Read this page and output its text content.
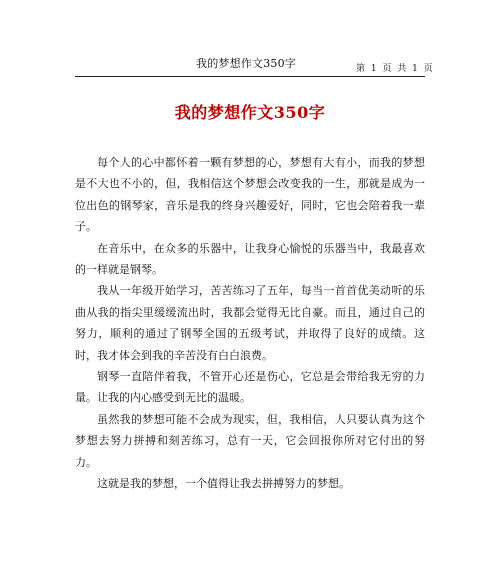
我的梦想作文350字	第 1 页 共 1 页
我的梦想作文350字

每个人的心中都怀着一颗有梦想的心，梦想有大有小，而我的梦想是不大也不小的，但，我相信这个梦想会改变我的一生，那就是成为一位出色的钢琴家，音乐是我的终身兴趣爱好，同时，它也会陪着我一辈子。

在音乐中，在众多的乐器中，让我身心愉悦的乐器当中，我最喜欢的一样就是钢琴。

我从一年级开始学习，苦苦练习了五年，每当一首首优美动听的乐曲从我的指尖里缓缓流出时，我都会觉得无比自豪。而且，通过自己的努力，顺利的通过了钢琴全国的五级考试，并取得了良好的成绩。这时，我才体会到我的辛苦没有白白浪费。

钢琴一直陪伴着我，不管开心还是伤心，它总是会带给我无穷的力量。让我的内心感受到无比的温暖。

虽然我的梦想可能不会成为现实，但，我相信，人只要认真为这个梦想去努力拼搏和刻苦练习，总有一天，它会回报你所对它付出的努力。

这就是我的梦想，一个值得让我去拼搏努力的梦想。
